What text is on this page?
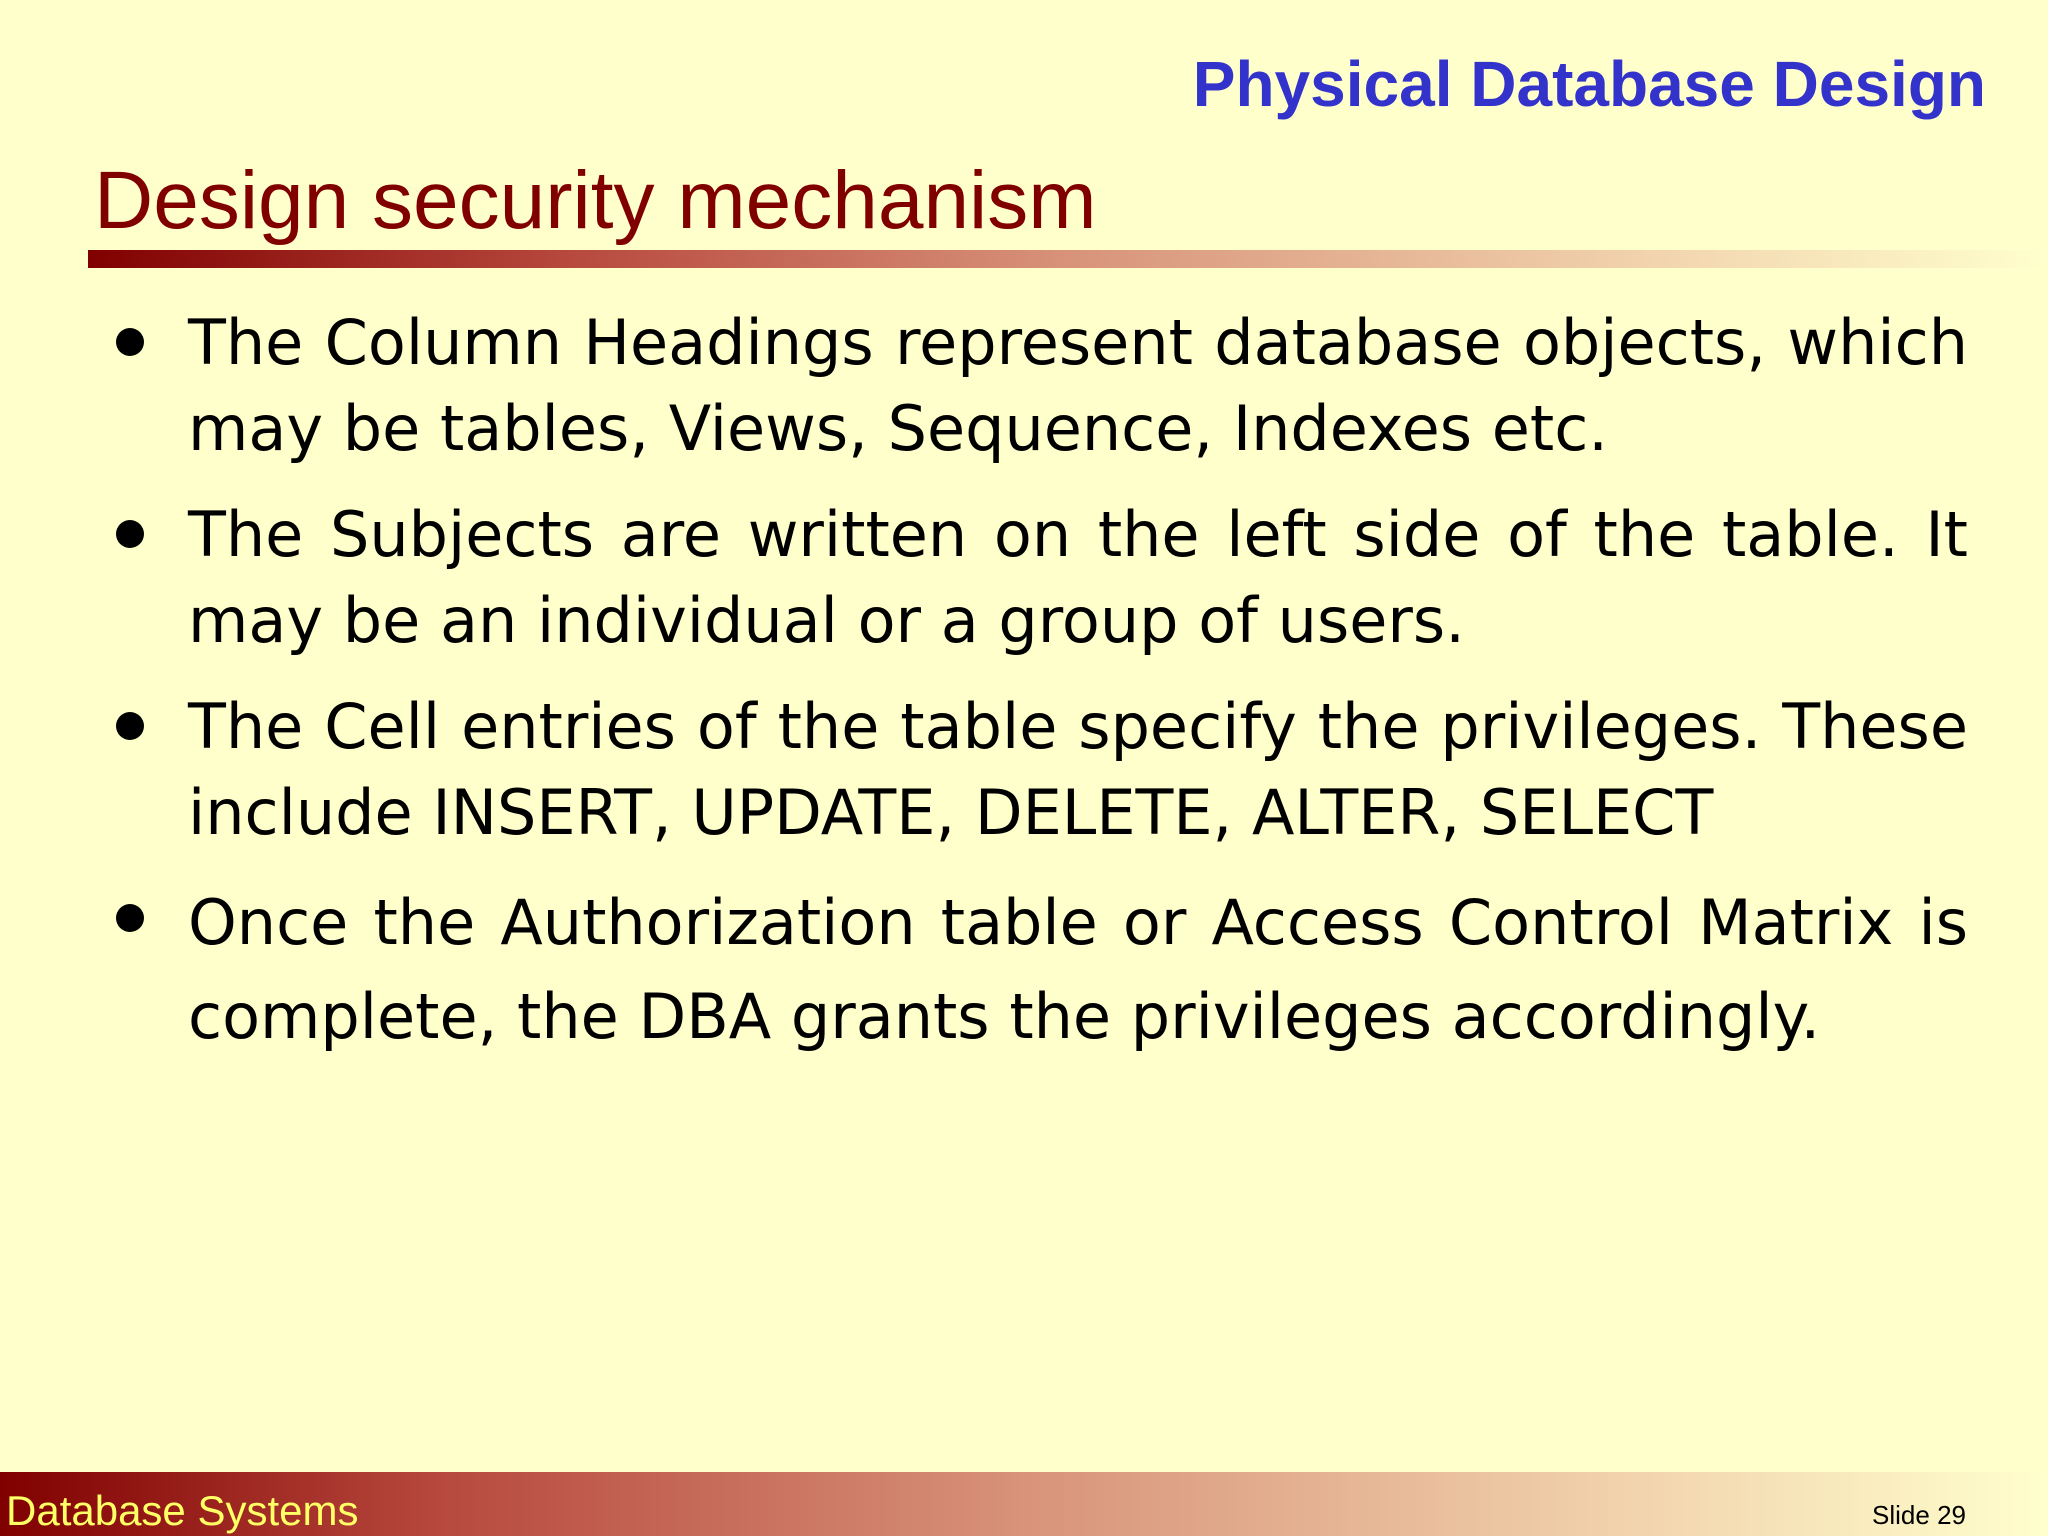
Physical Database Design
Design security mechanism
The Column Headings represent database objects, which may be tables, Views, Sequence, Indexes etc.
The Subjects are written on the left side of the table. It may be an individual or a group of users.
The Cell entries of the table specify the privileges. These include INSERT, UPDATE, DELETE, ALTER, SELECT
Once the Authorization table or Access Control Matrix is complete, the DBA grants the privileges accordingly.
Database Systems	Slide 29
